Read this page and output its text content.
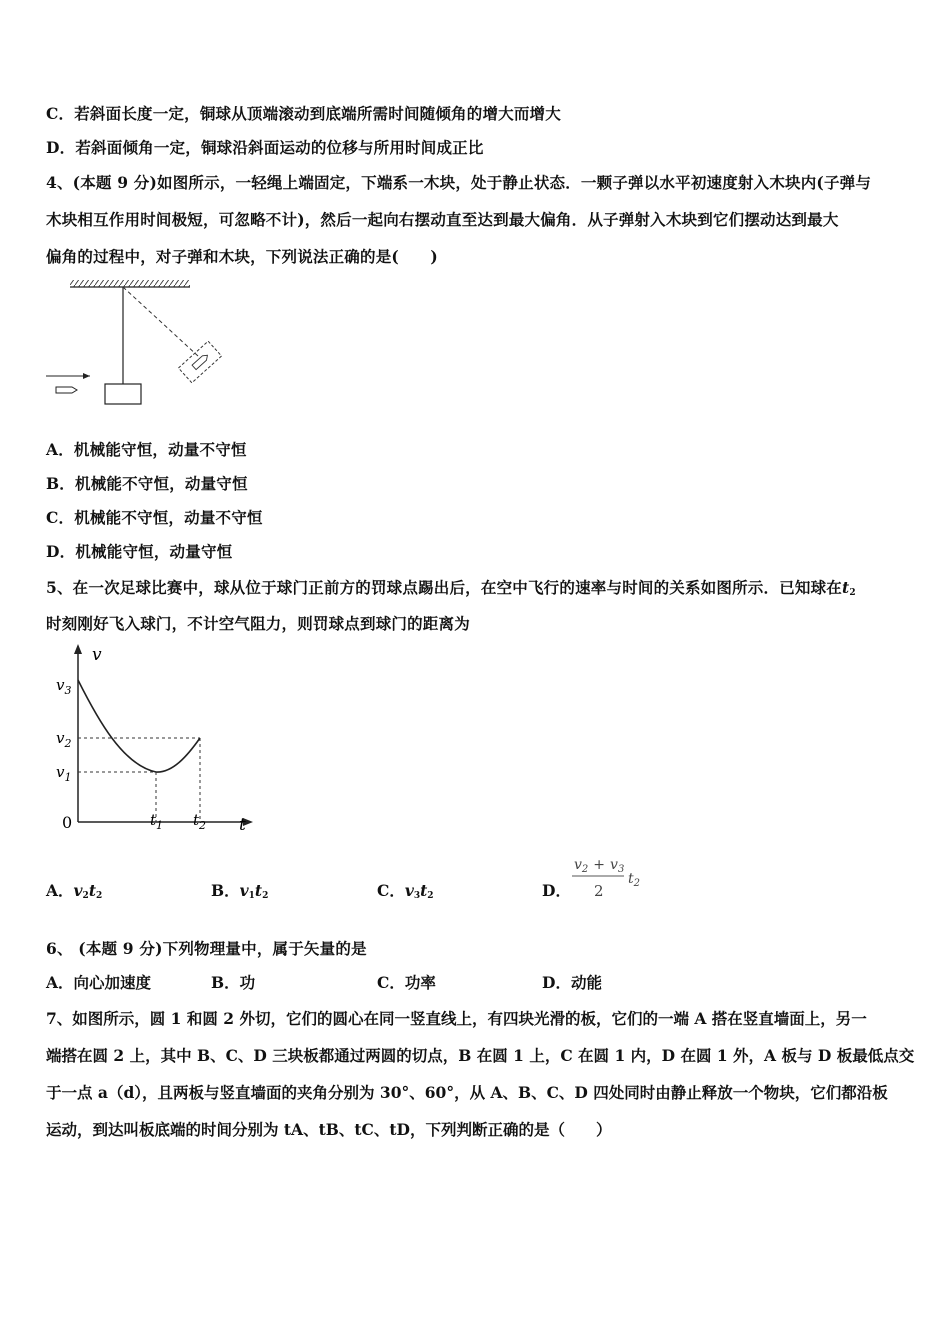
C．若斜面长度一定，铜球从顶端滚动到底端所需时间随倾角的增大而增大
D．若斜面倾角一定，铜球沿斜面运动的位移与所用时间成正比
4、(本题 9 分)如图所示，一轻绳上端固定，下端系一木块，处于静止状态．一颗子弹以水平初速度射入木块内(子弹与
木块相互作用时间极短，可忽略不计)，然后一起向右摆动直至达到最大偏角．从子弹射入木块到它们摆动达到最大
偏角的过程中，对子弹和木块，下列说法正确的是(　　)
A．机械能守恒，动量不守恒
B．机械能不守恒，动量守恒
C．机械能不守恒，动量不守恒
D．机械能守恒，动量守恒
5、在一次足球比赛中，球从位于球门正前方的罚球点踢出后，在空中飞行的速率与时间的关系如图所示．已知球在$t_2$
时刻刚好飞入球门，不计空气阻力，则罚球点到球门的距离为
v
0	t
$v_3$
$v_2$
$v_1$
$t_1$ $t_2$
A．$v_2t_2$	B．$v_1t_2$	C．$v_3t_2$	D．
$v_2 + v_3$
2
$t_2$
6、 (本题 9 分)下列物理量中，属于矢量的是
A．向心加速度	B．功	C．功率	D．动能
7、如图所示，圆 1 和圆 2 外切，它们的圆心在同一竖直线上，有四块光滑的板，它们的一端 A 搭在竖直墙面上，另一
端搭在圆 2 上，其中 B、C、D 三块板都通过两圆的切点，B 在圆 1 上，C 在圆 1 内，D 在圆 1 外，A 板与 D 板最低点交
于一点 a（d），且两板与竖直墙面的夹角分别为 30°、60°，从 A、B、C、D 四处同时由静止释放一个物块，它们都沿板
运动，到达叫板底端的时间分别为 tA、tB、tC、tD，下列判断正确的是（　　）
